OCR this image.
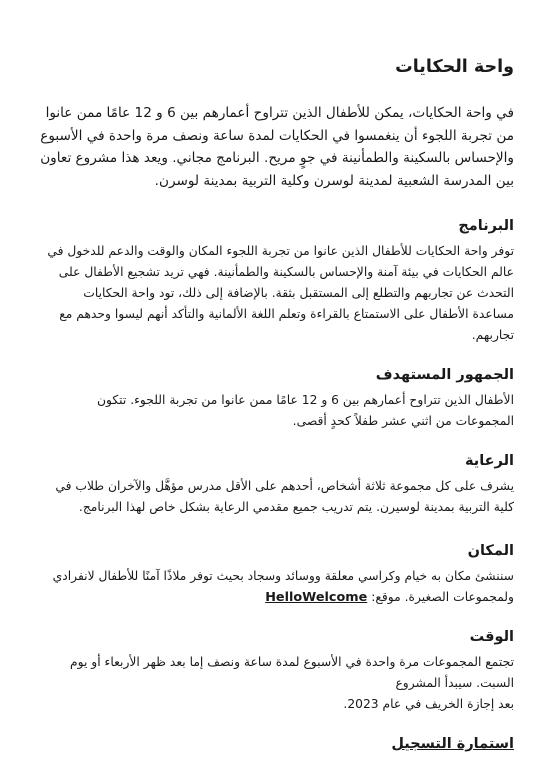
واحة الحكايات

في واحة الحكايات، يمكن للأطفال الذين تتراوح أعمارهم بين 6 و 12 عامًا ممن عانوا من تجربة اللجوء أن ينغمسوا في الحكايات لمدة ساعة ونصف مرة واحدة في الأسبوع والإحساس بالسكينة والطمأنينة في جوٍ مريح. البرنامج مجاني. ويعد هذا مشروع تعاون بين المدرسة الشعبية لمدينة لوسرن وكلية التربية بمدينة لوسرن.

البرنامج

توفر واحة الحكايات للأطفال الذين عانوا من تجربة اللجوء المكان والوقت والدعم للدخول في عالم الحكايات في بيئة آمنة والإحساس بالسكينة والطمأنينة. فهي تريد تشجيع الأطفال على التحدث عن تجاربهم والتطلع إلى المستقبل بثقة. بالإضافة إلى ذلك، تود واحة الحكايات مساعدة الأطفال على الاستمتاع بالقراءة وتعلم اللغة الألمانية والتأكد أنهم ليسوا وحدهم مع تجاربهم.

الجمهور المستهدف

الأطفال الذين تتراوح أعمارهم بين 6 و 12 عامًا ممن عانوا من تجربة اللجوء. تتكون المجموعات من اثني عشر طفلاً كحدٍ أقصى.

الرعاية

يشرف على كل مجموعة ثلاثة أشخاص، أحدهم على الأقل مدرس مؤهَّل والآخران طلاب في كلية التربية بمدينة لوسيرن. يتم تدريب جميع مقدمي الرعاية بشكل خاص لهذا البرنامج.

المكان

سننشئ مكان به خيام وكراسي معلقة ووسائد وسجاد بحيث توفر ملاذًا آمنًا للأطفال لانفرادي ولمجموعات الصغيرة. موقع: HelloWelcome

الوقت

تجتمع المجموعات مرة واحدة في الأسبوع لمدة ساعة ونصف إما بعد ظهر الأربعاء أو يوم السبت. سيبدأ المشروع
بعد إجازة الخريف في عام 2023.

استمارة التسجيل
